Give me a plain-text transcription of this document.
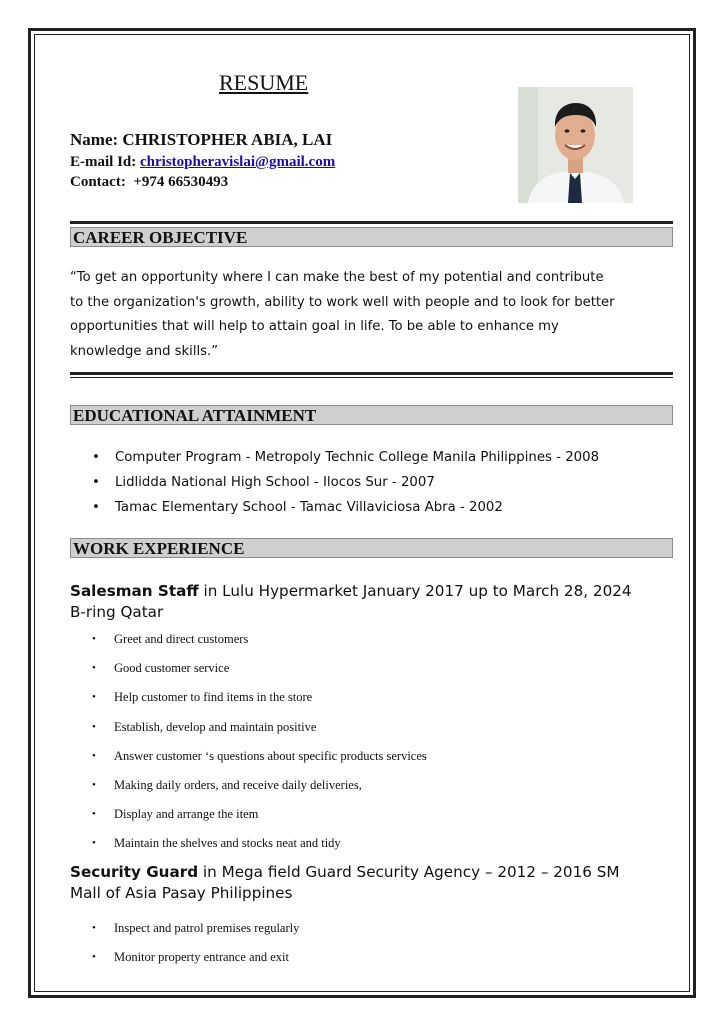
RESUME

Name: CHRISTOPHER ABIA, LAI

E-mail Id: christopheravislai@gmail.com

Contact: +974 66530493

CAREER OBJECTIVE
“To get an opportunity where I can make the best of my potential and contribute
to the organization's growth, ability to work well with people and to look for better
opportunities that will help to attain goal in life. To be able to enhance my
knowledge and skills.”
EDUCATIONAL ATTAINMENT
• Computer Program - Metropoly Technic College Manila Philippines - 2008
• Lidlidda National High School - Ilocos Sur - 2007
• Tamac Elementary School - Tamac Villaviciosa Abra - 2002
WORK EXPERIENCE
Salesman Staff in Lulu Hypermarket January 2017 up to March 28, 2024
B-ring Qatar
• Greet and direct customers
• Good customer service
• Help customer to find items in the store
• Establish, develop and maintain positive
• Answer customer ‘s questions about specific products services
• Making daily orders, and receive daily deliveries,
• Display and arrange the item
• Maintain the shelves and stocks neat and tidy
Security Guard in Mega field Guard Security Agency – 2012 – 2016 SM
Mall of Asia Pasay Philippines
• Inspect and patrol premises regularly
• Monitor property entrance and exit
